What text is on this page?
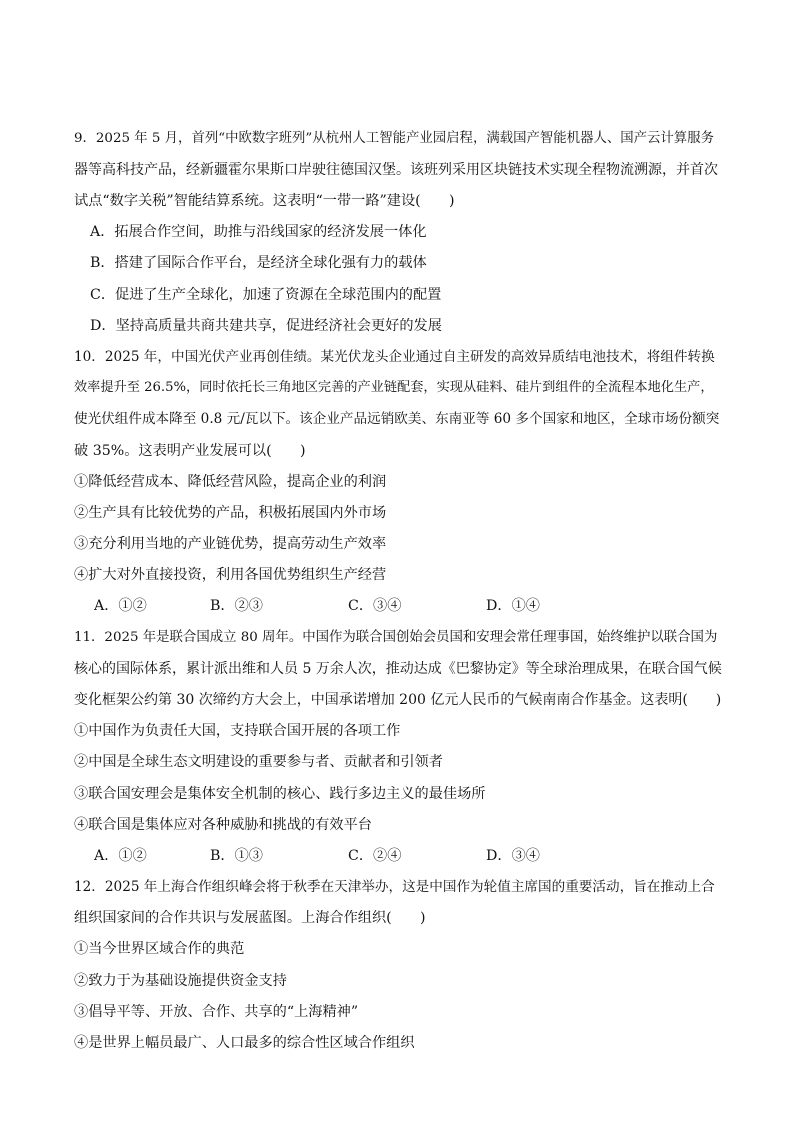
9．2025 年 5 月，首列“中欧数字班列”从杭州人工智能产业园启程，满载国产智能机器人、国产云计算服务
器等高科技产品，经新疆霍尔果斯口岸驶往德国汉堡。该班列采用区块链技术实现全程物流溯源，并首次
试点“数字关税”智能结算系统。这表明“一带一路”建设(　　)
A．拓展合作空间，助推与沿线国家的经济发展一体化
B．搭建了国际合作平台，是经济全球化强有力的载体
C．促进了生产全球化，加速了资源在全球范围内的配置
D．坚持高质量共商共建共享，促进经济社会更好的发展
10．2025 年，中国光伏产业再创佳绩。某光伏龙头企业通过自主研发的高效异质结电池技术，将组件转换
效率提升至 26.5%，同时依托长三角地区完善的产业链配套，实现从硅料、硅片到组件的全流程本地化生产，
使光伏组件成本降至 0.8 元/瓦以下。该企业产品远销欧美、东南亚等 60 多个国家和地区，全球市场份额突
破 35%。这表明产业发展可以(　　)
①降低经营成本、降低经营风险，提高企业的利润
②生产具有比较优势的产品，积极拓展国内外市场
③充分利用当地的产业链优势，提高劳动生产效率
④扩大对外直接投资，利用各国优势组织生产经营
A．①②	B．②③	C．③④	D．①④
11．2025 年是联合国成立 80 周年。中国作为联合国创始会员国和安理会常任理事国，始终维护以联合国为
核心的国际体系，累计派出维和人员 5 万余人次，推动达成《巴黎协定》等全球治理成果，在联合国气候
变化框架公约第 30 次缔约方大会上，中国承诺增加 200 亿元人民币的气候南南合作基金。这表明(　　)
①中国作为负责任大国，支持联合国开展的各项工作
②中国是全球生态文明建设的重要参与者、贡献者和引领者
③联合国安理会是集体安全机制的核心、践行多边主义的最佳场所
④联合国是集体应对各种威胁和挑战的有效平台
A．①②	B．①③	C．②④	D．③④
12．2025 年上海合作组织峰会将于秋季在天津举办，这是中国作为轮值主席国的重要活动，旨在推动上合
组织国家间的合作共识与发展蓝图。上海合作组织(　　)
①当今世界区域合作的典范
②致力于为基础设施提供资金支持
③倡导平等、开放、合作、共享的“上海精神”
④是世界上幅员最广、人口最多的综合性区域合作组织
